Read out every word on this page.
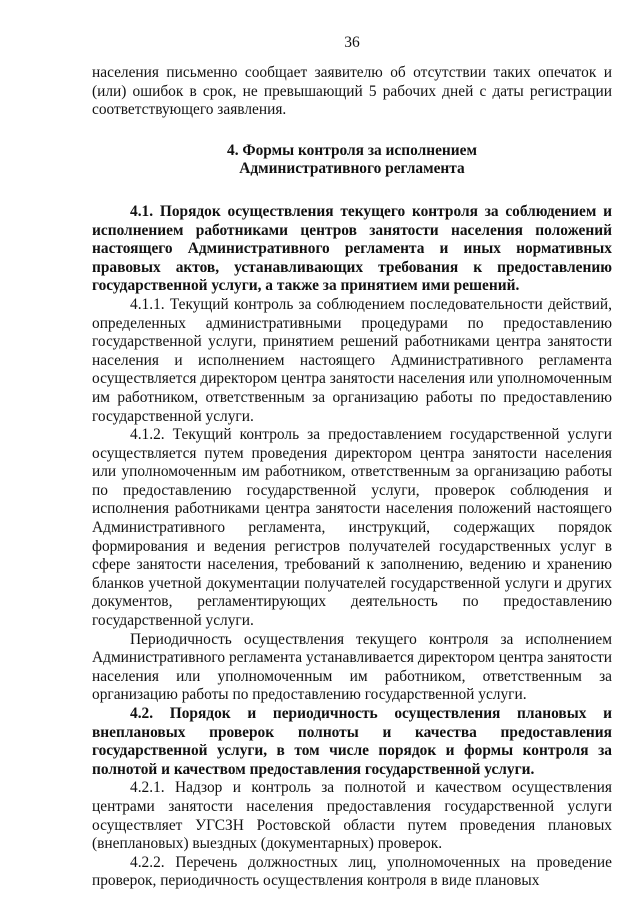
36

населения письменно сообщает заявителю об отсутствии таких опечаток и (или) ошибок в срок, не превышающий 5 рабочих дней с даты регистрации соответствующего заявления.

4. Формы контроля за исполнением
Административного регламента

4.1. Порядок осуществления текущего контроля за соблюдением и исполнением работниками центров занятости населения положений настоящего Административного регламента и иных нормативных правовых актов, устанавливающих требования к предоставлению государственной услуги, а также за принятием ими решений.

4.1.1. Текущий контроль за соблюдением последовательности действий, определенных административными процедурами по предоставлению государственной услуги, принятием решений работниками центра занятости населения и исполнением настоящего Административного регламента осуществляется директором центра занятости населения или уполномоченным им работником, ответственным за организацию работы по предоставлению государственной услуги.

4.1.2. Текущий контроль за предоставлением государственной услуги осуществляется путем проведения директором центра занятости населения или уполномоченным им работником, ответственным за организацию работы по предоставлению государственной услуги, проверок соблюдения и исполнения работниками центра занятости населения положений настоящего Административного регламента, инструкций, содержащих порядок формирования и ведения регистров получателей государственных услуг в сфере занятости населения, требований к заполнению, ведению и хранению бланков учетной документации получателей государственной услуги и других документов, регламентирующих деятельность по предоставлению государственной услуги.

Периодичность осуществления текущего контроля за исполнением Административного регламента устанавливается директором центра занятости населения или уполномоченным им работником, ответственным за организацию работы по предоставлению государственной услуги.

4.2. Порядок и периодичность осуществления плановых и внеплановых проверок полноты и качества предоставления государственной услуги, в том числе порядок и формы контроля за полнотой и качеством предоставления государственной услуги.

4.2.1. Надзор и контроль за полнотой и качеством осуществления центрами занятости населения предоставления государственной услуги осуществляет УГСЗН Ростовской области путем проведения плановых (внеплановых) выездных (документарных) проверок.

4.2.2. Перечень должностных лиц, уполномоченных на проведение проверок, периодичность осуществления контроля в виде плановых
